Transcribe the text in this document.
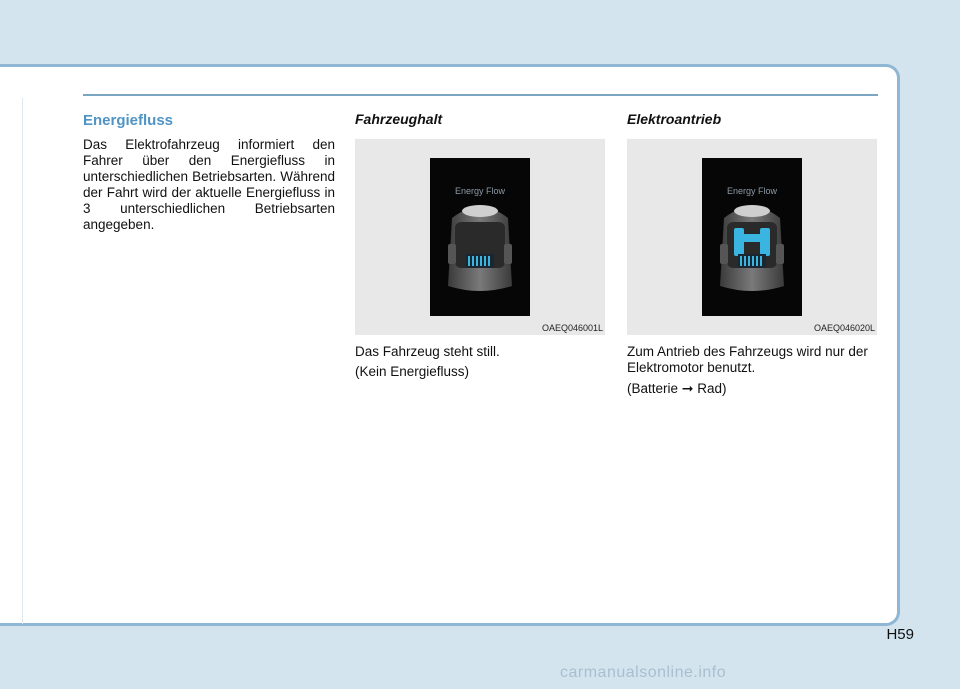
Energiefluss

Das Elektrofahrzeug informiert den Fahrer über den Energiefluss in unterschiedlichen Betriebsarten. Während der Fahrt wird der aktuelle Energiefluss in 3 unterschiedlichen Betriebsarten angegeben.

Fahrzeughalt
Energy Flow
OAEQ046001L

Das Fahrzeug steht still.

(Kein Energiefluss)

Elektroantrieb
Energy Flow
OAEQ046020L

Zum Antrieb des Fahrzeugs wird nur der Elektromotor benutzt.

(Batterie ➞ Rad)

H59
carmanualsonline.info
